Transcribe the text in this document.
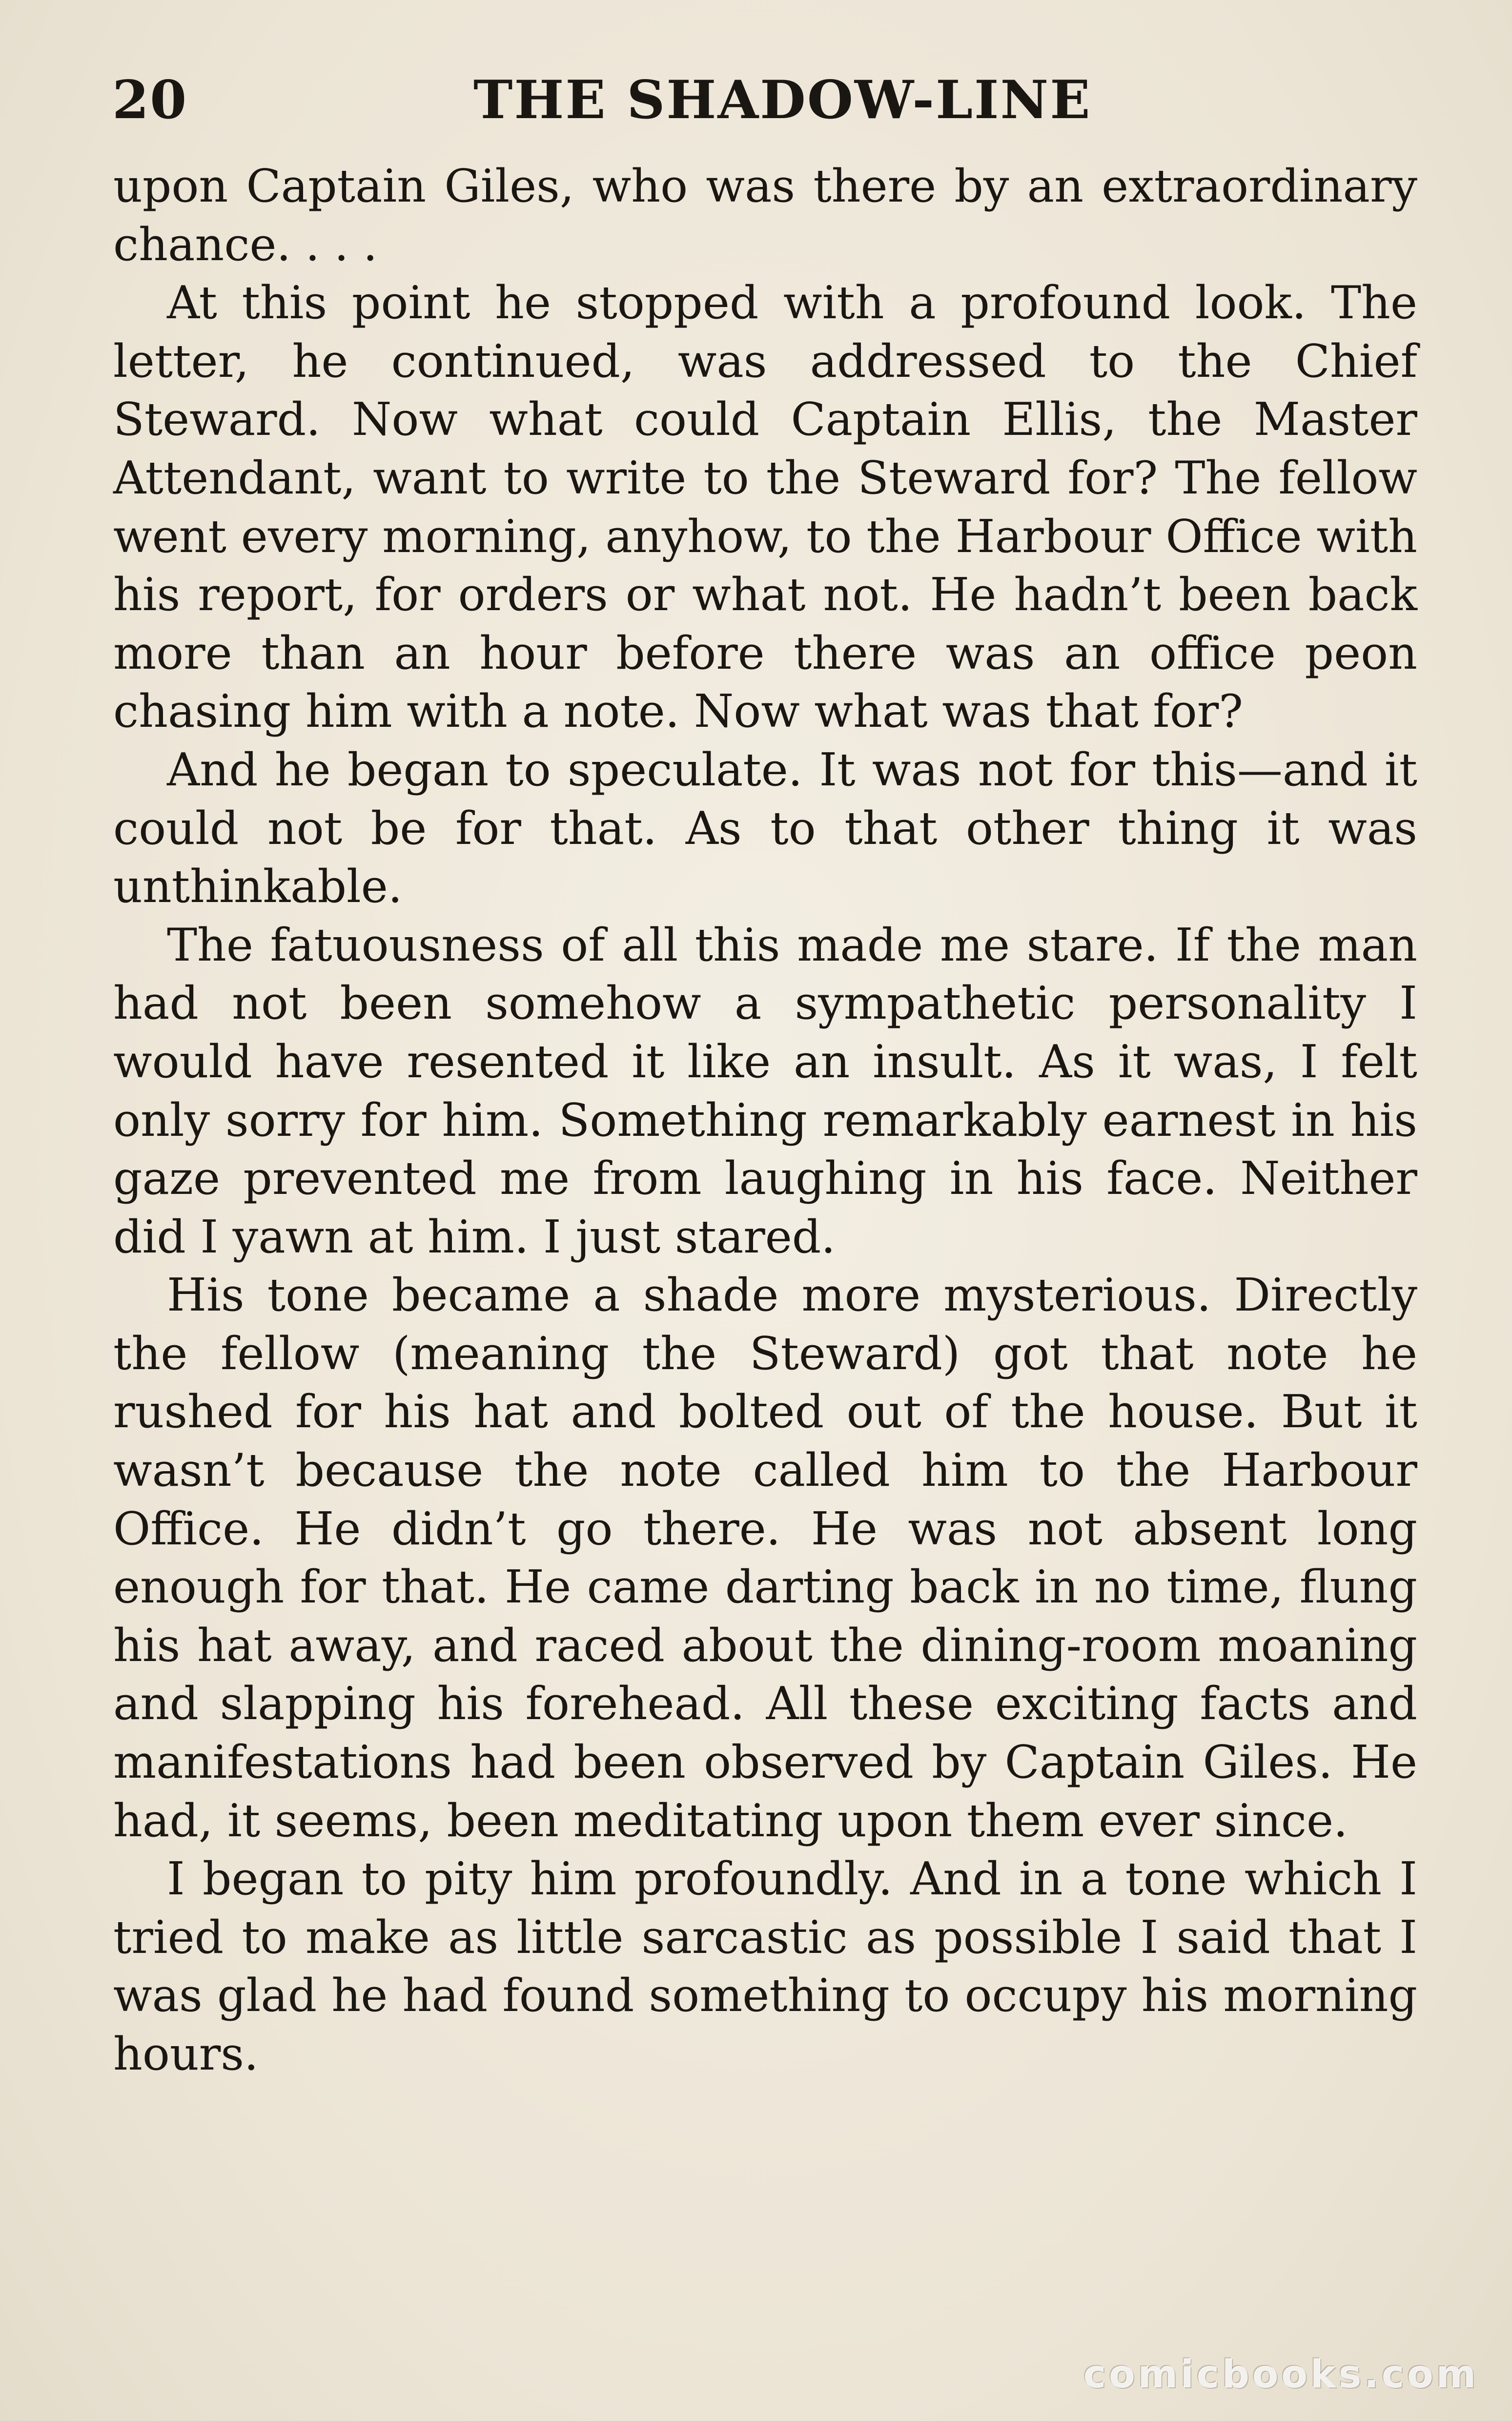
20	THE SHADOW-LINE

upon Captain Giles, who was there by an extraordinary chance. . . .

At this point he stopped with a profound look. The letter, he continued, was addressed to the Chief Steward. Now what could Captain Ellis, the Master Attendant, want to write to the Steward for? The fellow went every morning, anyhow, to the Harbour Office with his report, for orders or what not. He hadn’t been back more than an hour before there was an office peon chasing him with a note. Now what was that for?

And he began to speculate. It was not for this—and it could not be for that. As to that other thing it was unthinkable.

The fatuousness of all this made me stare. If the man had not been somehow a sympathetic personality I would have resented it like an insult. As it was, I felt only sorry for him. Something remarkably earnest in his gaze prevented me from laughing in his face. Neither did I yawn at him. I just stared.

His tone became a shade more mysterious. Directly the fellow (meaning the Steward) got that note he rushed for his hat and bolted out of the house. But it wasn’t because the note called him to the Harbour Office. He didn’t go there. He was not absent long enough for that. He came darting back in no time, flung his hat away, and raced about the dining-room moaning and slapping his forehead. All these exciting facts and manifestations had been observed by Captain Giles. He had, it seems, been meditating upon them ever since.

I began to pity him profoundly. And in a tone which I tried to make as little sarcastic as possible I said that I was glad he had found something to occupy his morning hours.

comicbooks.com
